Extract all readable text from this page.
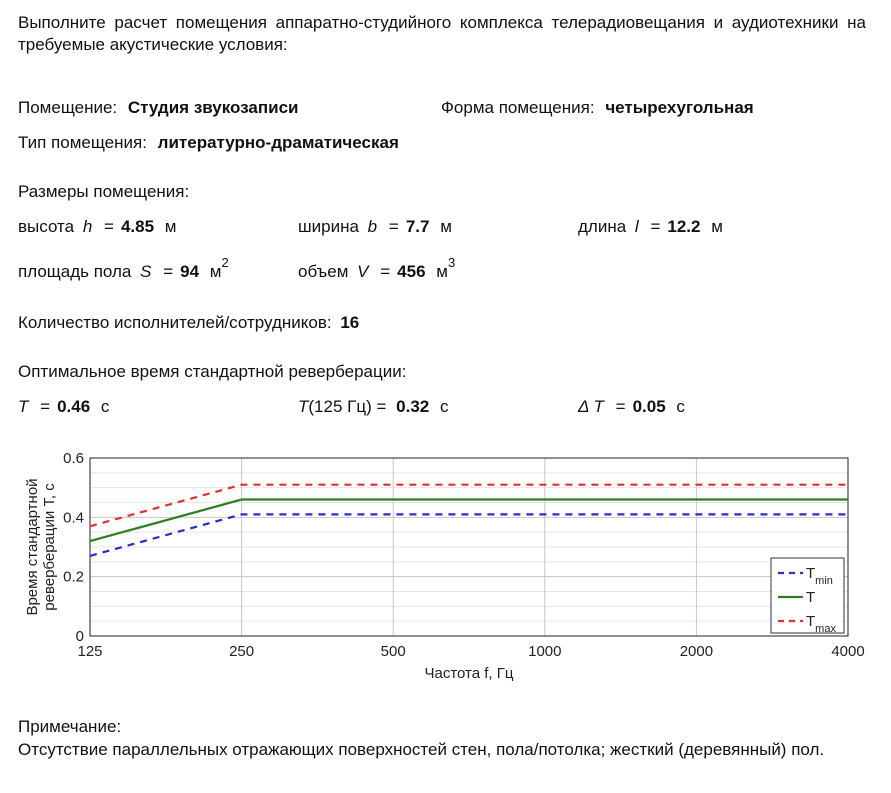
Выполните расчет помещения аппаратно-студийного комплекса телерадиовещания и аудиотехники на требуемые акустические условия:
Помещение: Студия звукозаписи	Форма помещения: четырехугольная
Тип помещения: литературно-драматическая
Размеры помещения:
высота h = 4.85 м	ширина b = 7.7 м	длина l = 12.2 м
площадь пола S = 94 $м^2$	объем V = 456 $м^3$
Количество исполнителей/сотрудников: 16
Оптимальное время стандартной реверберации:
T = 0.46 с	T(125 Гц) = 0.32 с	Δ T = 0.05 с
125	250	500	1000	2000	4000
0
0.2
0.4
0.6
Частота f, Гц
Время стандартной реверберации T, с	$T_{min}$
T
$T_{max}$
Примечание:
Отсутствие параллельных отражающих поверхностей стен, пола/потолка; жесткий (деревянный) пол.
